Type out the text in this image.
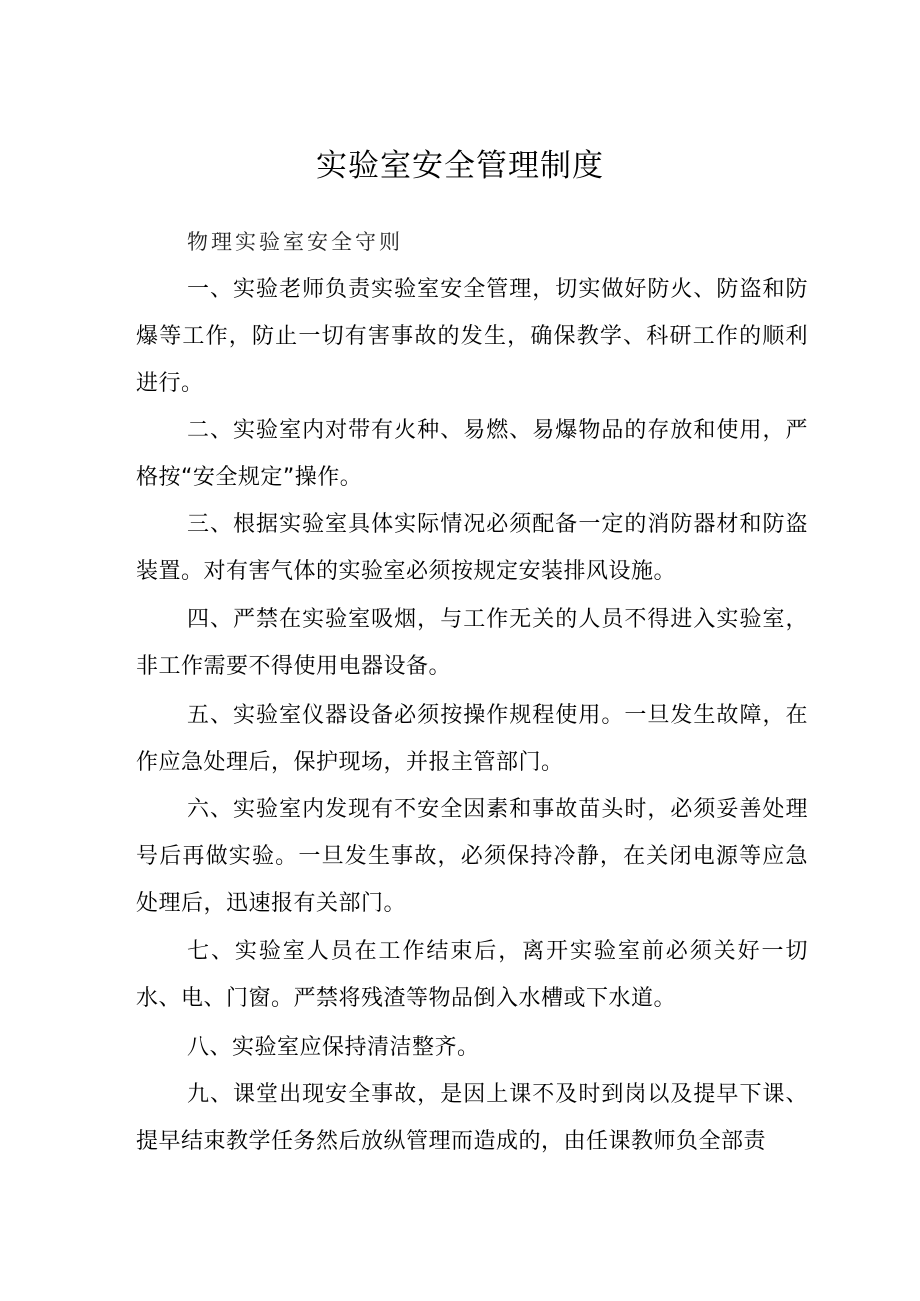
实验室安全管理制度

物理实验室安全守则

一、实验老师负责实验室安全管理，切实做好防火、防盗和防爆等工作，防止一切有害事故的发生，确保教学、科研工作的顺利进行。

二、实验室内对带有火种、易燃、易爆物品的存放和使用，严格按“安全规定”操作。

三、根据实验室具体实际情况必须配备一定的消防器材和防盗装置。对有害气体的实验室必须按规定安装排风设施。

四、严禁在实验室吸烟，与工作无关的人员不得进入实验室，非工作需要不得使用电器设备。

五、实验室仪器设备必须按操作规程使用。一旦发生故障，在作应急处理后，保护现场，并报主管部门。

六、实验室内发现有不安全因素和事故苗头时，必须妥善处理号后再做实验。一旦发生事故，必须保持冷静，在关闭电源等应急处理后，迅速报有关部门。

七、实验室人员在工作结束后，离开实验室前必须关好一切水、电、门窗。严禁将残渣等物品倒入水槽或下水道。

八、实验室应保持清洁整齐。

九、课堂出现安全事故，是因上课不及时到岗以及提早下课、提早结束教学任务然后放纵管理而造成的，由任课教师负全部责
